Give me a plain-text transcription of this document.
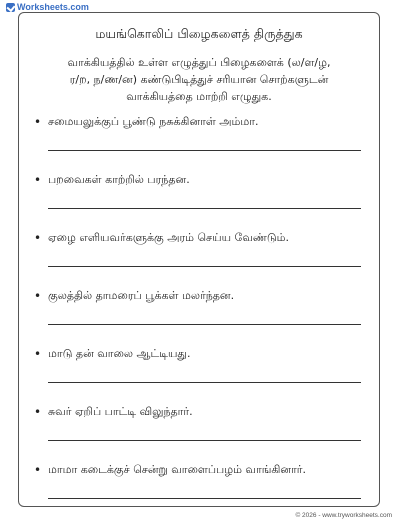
Worksheets.com
மயங்கொலிப் பிழைகளைத் திருத்துக
வாக்கியத்தில் உள்ள எழுத்துப் பிழைகளைக் (ல/ள/ழ, ர/ற, ந/ண/ன) கண்டுபிடித்துச் சரியான சொற்களுடன் வாக்கியத்தை மாற்றி எழுதுக.
• சமையலுக்குப் பூண்டு நசுக்கினாள் அம்மா.
• பறவைகள் காற்றில் பரந்தன.
• ஏழை எளியவர்களுக்கு அரம் செய்ய வேண்டும்.
• குலத்தில் தாமரைப் பூக்கள் மலர்ந்தன.
• மாடு தன் வாலை ஆட்டியது.
• சுவர் ஏறிப் பாட்டி விலுந்தார்.
• மாமா கடைக்குச் சென்று வாளைப்பழம் வாங்கினார்.
© 2026 - www.tryworksheets.com
